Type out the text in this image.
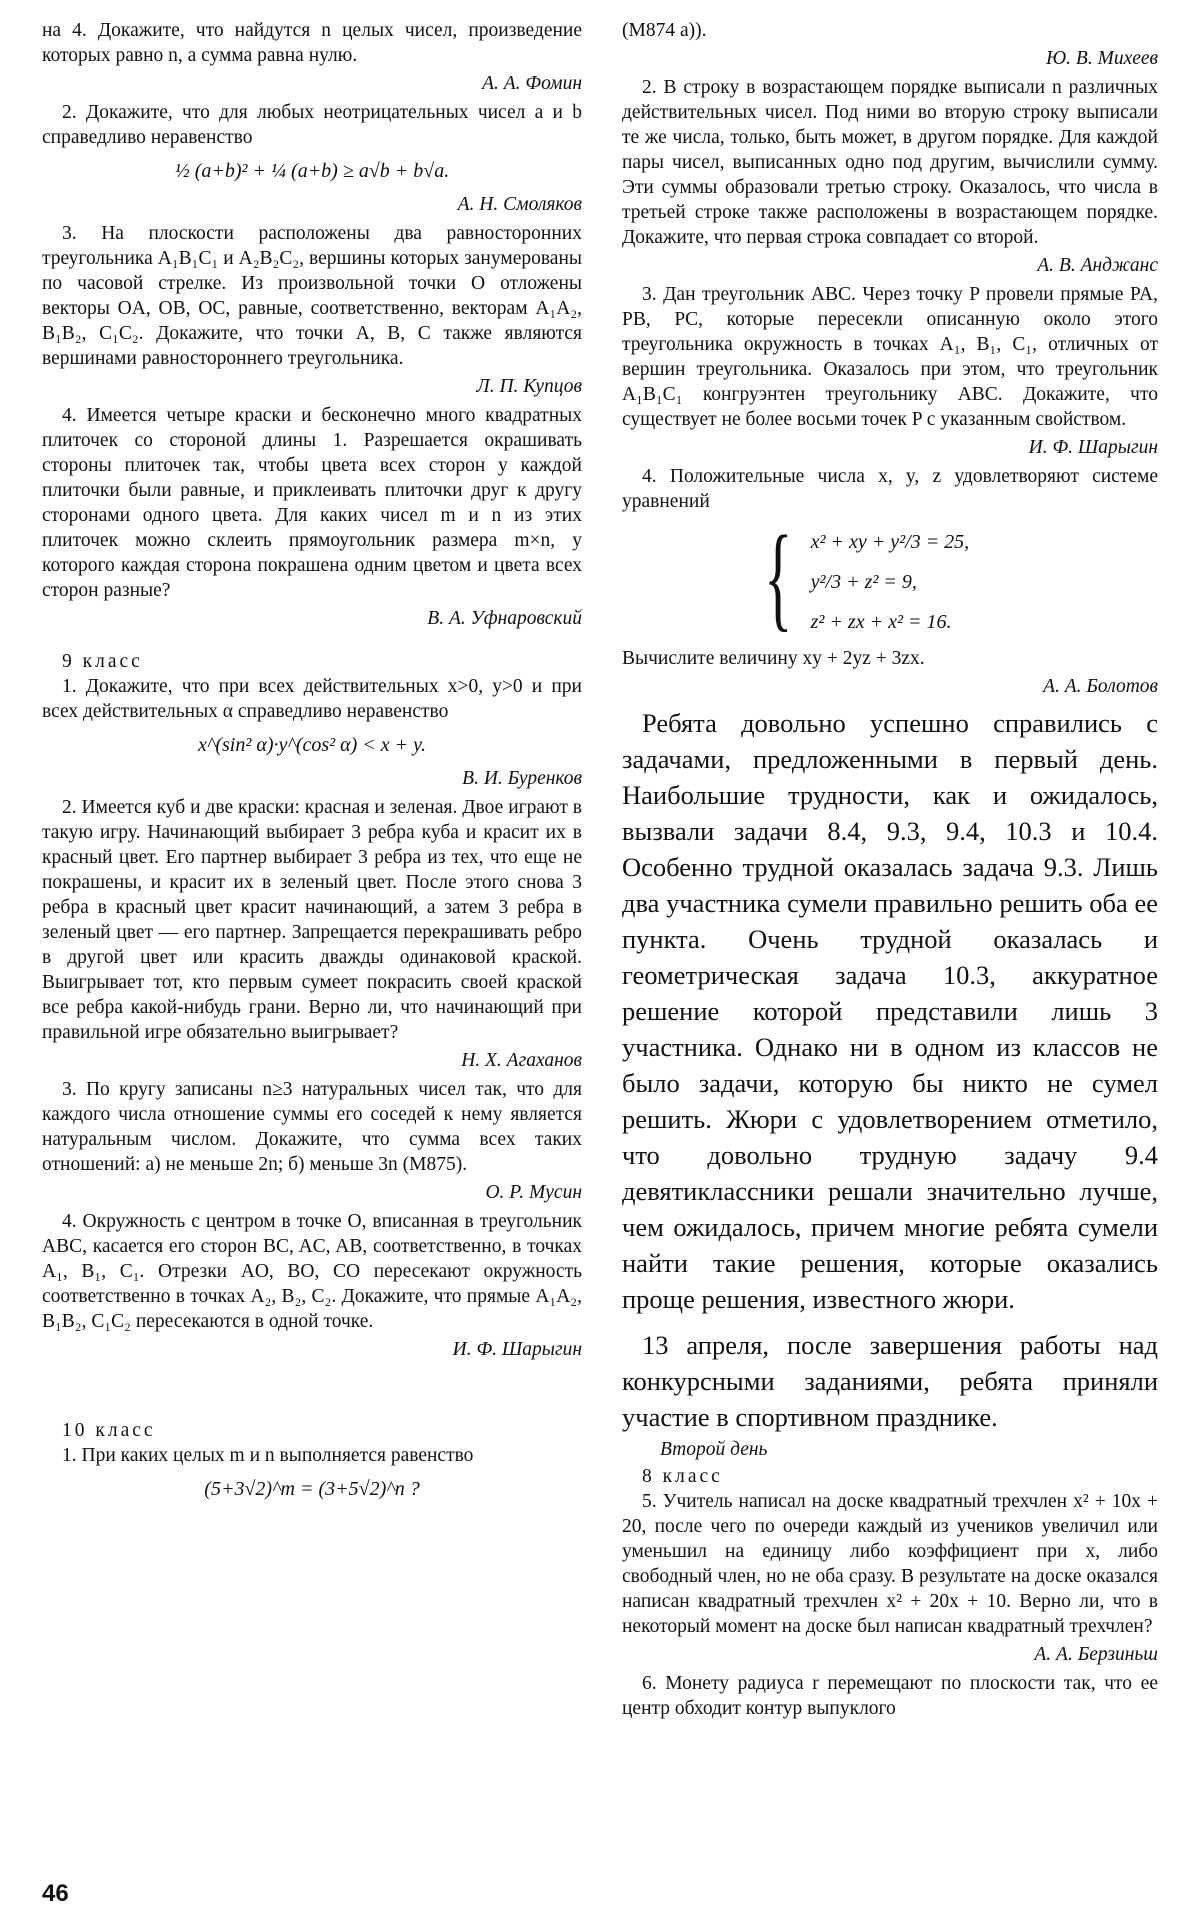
на 4. Докажите, что найдутся n целых чисел, произведение которых равно n, а сумма равна нулю.

А. А. Фомин

2. Докажите, что для любых неотрицательных чисел a и b справедливо неравенство

½ (a+b)² + ¼ (a+b) ≥ a√b + b√a.
А. Н. Смоляков

3. На плоскости расположены два равносторонних треугольника A₁B₁C₁ и A₂B₂C₂, вершины которых занумерованы по часовой стрелке. Из произвольной точки O отложены векторы OA, OB, OC, равные, соответственно, векторам A₁A₂, B₁B₂, C₁C₂. Докажите, что точки A, B, C также являются вершинами равностороннего треугольника.

Л. П. Купцов

4. Имеется четыре краски и бесконечно много квадратных плиточек со стороной длины 1. Разрешается окрашивать стороны плиточек так, чтобы цвета всех сторон у каждой плиточки были равные, и приклеивать плиточки друг к другу сторонами одного цвета. Для каких чисел m и n из этих плиточек можно склеить прямоугольник размера m×n, у которого каждая сторона покрашена одним цветом и цвета всех сторон разные?

В. А. Уфнаровский
9 класс

1. Докажите, что при всех действительных x>0, y>0 и при всех действительных α справедливо неравенство

x^(sin² α)·y^(cos² α) < x + y.
В. И. Буренков

2. Имеется куб и две краски: красная и зеленая. Двое играют в такую игру. Начинающий выбирает 3 ребра куба и красит их в красный цвет. Его партнер выбирает 3 ребра из тех, что еще не покрашены, и красит их в зеленый цвет. После этого снова 3 ребра в красный цвет красит начинающий, а затем 3 ребра в зеленый цвет — его партнер. Запрещается перекрашивать ребро в другой цвет или красить дважды одинаковой краской. Выигрывает тот, кто первым сумеет покрасить своей краской все ребра какой-нибудь грани. Верно ли, что начинающий при правильной игре обязательно выигрывает?

Н. Х. Агаханов

3. По кругу записаны n≥3 натуральных чисел так, что для каждого числа отношение суммы его соседей к нему является натуральным числом. Докажите, что сумма всех таких отношений: а) не меньше 2n; б) меньше 3n (М875).

О. Р. Мусин

4. Окружность с центром в точке O, вписанная в треугольник ABC, касается его сторон BC, AC, AB, соответственно, в точках A₁, B₁, C₁. Отрезки AO, BO, CO пересекают окружность соответственно в точках A₂, B₂, C₂. Докажите, что прямые A₁A₂, B₁B₂, C₁C₂ пересекаются в одной точке.

И. Ф. Шарыгин
10 класс

1. При каких целых m и n выполняется равенство

(5+3√2)^m = (3+5√2)^n ?

(M874 а)).

Ю. В. Михеев

2. В строку в возрастающем порядке выписали n различных действительных чисел. Под ними во вторую строку выписали те же числа, только, быть может, в другом порядке. Для каждой пары чисел, выписанных одно под другим, вычислили сумму. Эти суммы образовали третью строку. Оказалось, что числа в третьей строке также расположены в возрастающем порядке. Докажите, что первая строка совпадает со второй.

А. В. Анджанс

3. Дан треугольник ABC. Через точку P провели прямые PA, PB, PC, которые пересекли описанную около этого треугольника окружность в точках A₁, B₁, C₁, отличных от вершин треугольника. Оказалось при этом, что треугольник A₁B₁C₁ конгруэнтен треугольнику ABC. Докажите, что существует не более восьми точек P с указанным свойством.

И. Ф. Шарыгин

4. Положительные числа x, y, z удовлетворяют системе уравнений

{ x² + xy + y²/3 = 25,
y²/3 + z² = 9,
z² + zx + x² = 16.

Вычислите величину xy + 2yz + 3zx.

А. А. Болотов

Ребята довольно успешно справились с задачами, предложенными в первый день. Наибольшие трудности, как и ожидалось, вызвали задачи 8.4, 9.3, 9.4, 10.3 и 10.4. Особенно трудной оказалась задача 9.3. Лишь два участника сумели правильно решить оба ее пункта. Очень трудной оказалась и геометрическая задача 10.3, аккуратное решение которой представили лишь 3 участника. Однако ни в одном из классов не было задачи, которую бы никто не сумел решить. Жюри с удовлетворением отметило, что довольно трудную задачу 9.4 девятиклассники решали значительно лучше, чем ожидалось, причем многие ребята сумели найти такие решения, которые оказались проще решения, известного жюри.

13 апреля, после завершения работы над конкурсными заданиями, ребята приняли участие в спортивном празднике.

Второй день
8 класс

5. Учитель написал на доске квадратный трехчлен x² + 10x + 20, после чего по очереди каждый из учеников увеличил или уменьшил на единицу либо коэффициент при x, либо свободный член, но не оба сразу. В результате на доске оказался написан квадратный трехчлен x² + 20x + 10. Верно ли, что в некоторый момент на доске был написан квадратный трехчлен?

А. А. Берзиньш

6. Монету радиуса r перемещают по плоскости так, что ее центр обходит контур выпуклого

46
